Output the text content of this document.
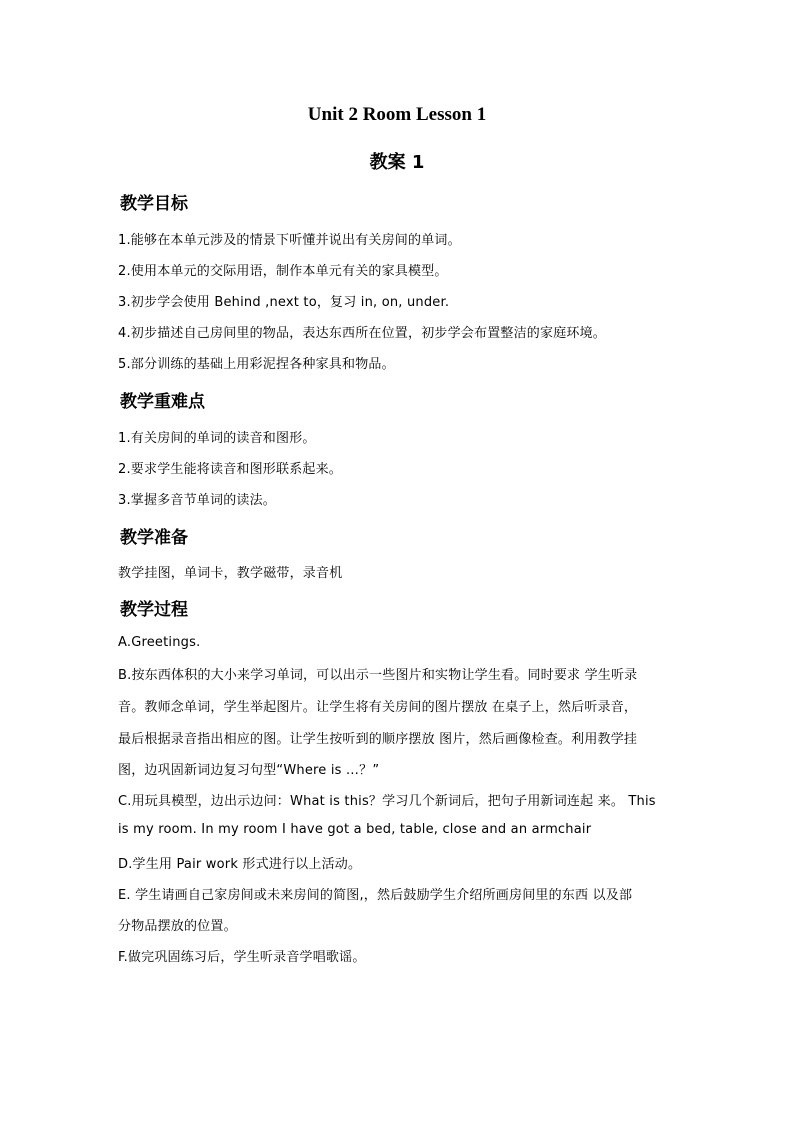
Unit 2 Room Lesson 1
教案 1
教学目标
1.能够在本单元涉及的情景下听懂并说出有关房间的单词。
2.使用本单元的交际用语，制作本单元有关的家具模型。
3.初步学会使用 Behind ,next to，复习 in, on, under.
4.初步描述自己房间里的物品，表达东西所在位置，初步学会布置整洁的家庭环境。
5.部分训练的基础上用彩泥捏各种家具和物品。
教学重难点
1.有关房间的单词的读音和图形。
2.要求学生能将读音和图形联系起来。
3.掌握多音节单词的读法。
教学准备
教学挂图，单词卡，教学磁带，录音机
教学过程
A.Greetings.
B.按东西体积的大小来学习单词，可以出示一些图片和实物让学生看。同时要求 学生听录
音。教师念单词，学生举起图片。让学生将有关房间的图片摆放 在桌子上，然后听录音，
最后根据录音指出相应的图。让学生按听到的顺序摆放 图片，然后画像检查。利用教学挂
图，边巩固新词边复习句型“Where is …？”
C.用玩具模型，边出示边问：What is this？学习几个新词后，把句子用新词连起 来。 This
is my room. In my room I have got a bed, table, close and an armchair
D.学生用 Pair work 形式进行以上活动。
E. 学生请画自己家房间或未来房间的简图,，然后鼓励学生介绍所画房间里的东西 以及部
分物品摆放的位置。
F.做完巩固练习后，学生听录音学唱歌谣。
